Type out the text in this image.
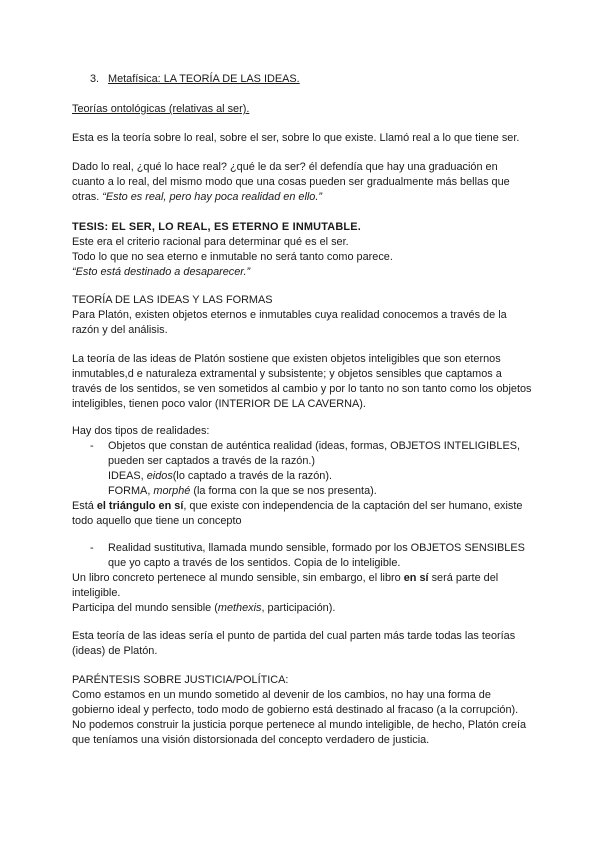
3. Metafísica: LA TEORÍA DE LAS IDEAS.
Teorías ontológicas (relativas al ser).

Esta es la teoría sobre lo real, sobre el ser, sobre lo que existe. Llamó real a lo que tiene ser.

Dado lo real, ¿qué lo hace real? ¿qué le da ser? él defendía que hay una graduación en cuanto a lo real, del mismo modo que una cosas pueden ser gradualmente más bellas que otras. “Esto es real, pero hay poca realidad en ello.”

TESIS: EL SER, LO REAL, ES ETERNO E INMUTABLE.

Este era el criterio racional para determinar qué es el ser.

Todo lo que no sea eterno e inmutable no será tanto como parece.

“Esto está destinado a desaparecer.”

TEORÍA DE LAS IDEAS Y LAS FORMAS

Para Platón, existen objetos eternos e inmutables cuya realidad conocemos a través de la razón y del análisis.

La teoría de las ideas de Platón sostiene que existen objetos inteligibles que son eternos inmutables,d e naturaleza extramental y subsistente; y objetos sensibles que captamos a través de los sentidos, se ven sometidos al cambio y por lo tanto no son tanto como los objetos inteligibles, tienen poco valor (INTERIOR DE LA CAVERNA).

Hay dos tipos de realidades:

- Objetos que constan de auténtica realidad (ideas, formas, OBJETOS INTELIGIBLES, pueden ser captados a través de la razón.)

IDEAS, eidos(lo captado a través de la razón).

FORMA, morphé (la forma con la que se nos presenta).

Está el triángulo en sí, que existe con independencia de la captación del ser humano, existe todo aquello que tiene un concepto

- Realidad sustitutiva, llamada mundo sensible, formado por los OBJETOS SENSIBLES que yo capto a través de los sentidos. Copia de lo inteligible.

Un libro concreto pertenece al mundo sensible, sin embargo, el libro en sí será parte del inteligible.

Participa del mundo sensible (methexis, participación).

Esta teoría de las ideas sería el punto de partida del cual parten más tarde todas las teorías (ideas) de Platón.

PARÉNTESIS SOBRE JUSTICIA/POLÍTICA:

Como estamos en un mundo sometido al devenir de los cambios, no hay una forma de gobierno ideal y perfecto, todo modo de gobierno está destinado al fracaso (a la corrupción). No podemos construir la justicia porque pertenece al mundo inteligible, de hecho, Platón creía que teníamos una visión distorsionada del concepto verdadero de justicia.
